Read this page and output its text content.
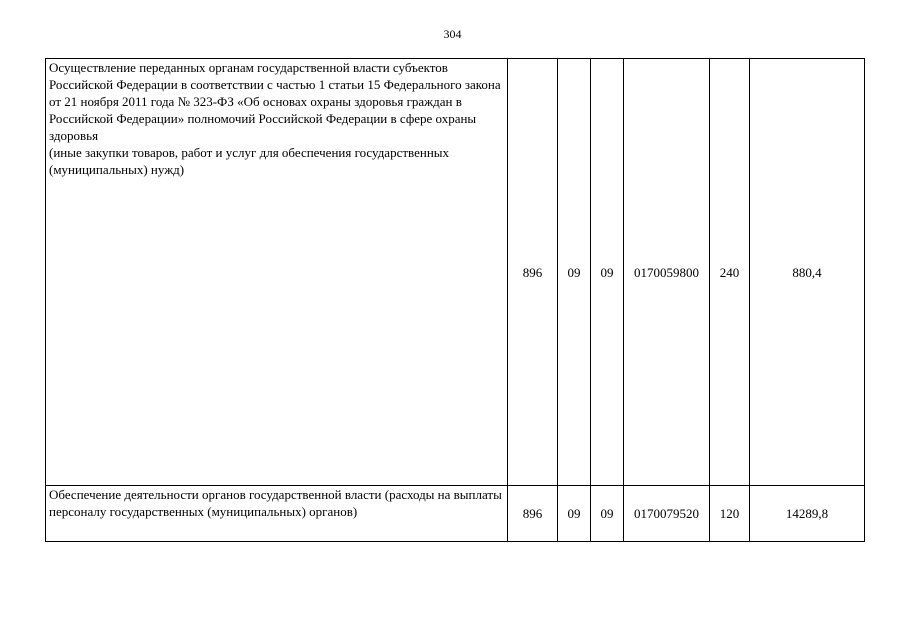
304
Осуществление переданных органам государственной власти субъектов Российской Федерации в соответствии с частью 1 статьи 15 Федерального закона от 21 ноября 2011 года № 323-ФЗ «Об основах охраны здоровья граждан в Российской Федерации» полномочий Российской Федерации в сфере охраны здоровья
(иные закупки товаров, работ и услуг для обеспечения государственных (муниципальных) нужд)	896	09	09	0170059800	240	880,4
Обеспечение деятельности органов государственной власти (расходы на выплаты персоналу государственных (муниципальных) органов)	896	09	09	0170079520	120	14289,8
